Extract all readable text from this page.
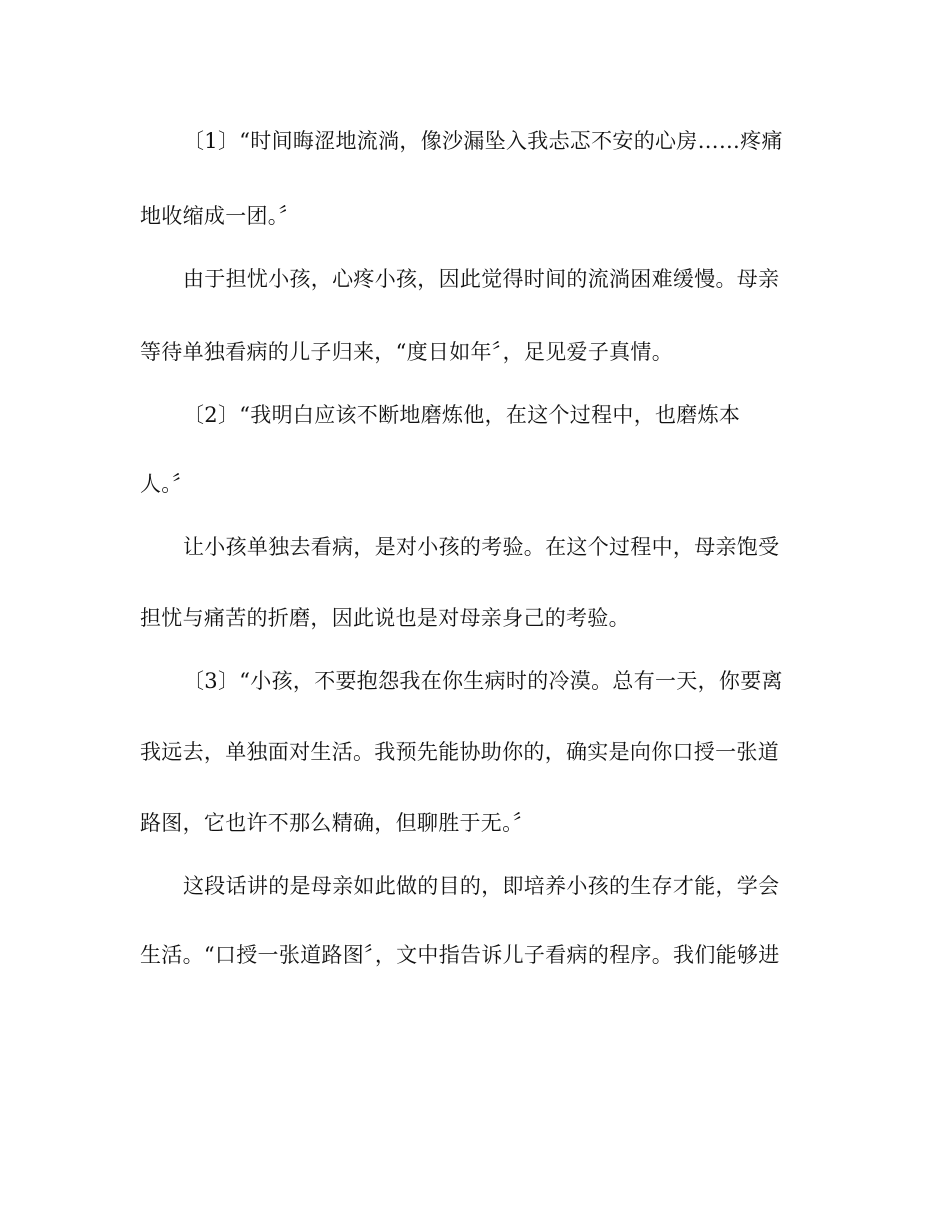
〔1〕“时间晦涩地流淌，像沙漏坠入我忐忑不安的心房……疼痛
地收缩成一团。〞
由于担忧小孩，心疼小孩，因此觉得时间的流淌困难缓慢。母亲
等待单独看病的儿子归来，“度日如年〞，足见爱子真情。
〔2〕“我明白应该不断地磨炼他，在这个过程中，也磨炼本
人。〞
让小孩单独去看病，是对小孩的考验。在这个过程中，母亲饱受
担忧与痛苦的折磨，因此说也是对母亲身己的考验。
〔3〕“小孩，不要抱怨我在你生病时的冷漠。总有一天，你要离
我远去，单独面对生活。我预先能协助你的，确实是向你口授一张道
路图，它也许不那么精确，但聊胜于无。〞
这段话讲的是母亲如此做的目的，即培养小孩的生存才能，学会
生活。“口授一张道路图〞，文中指告诉儿子看病的程序。我们能够进
